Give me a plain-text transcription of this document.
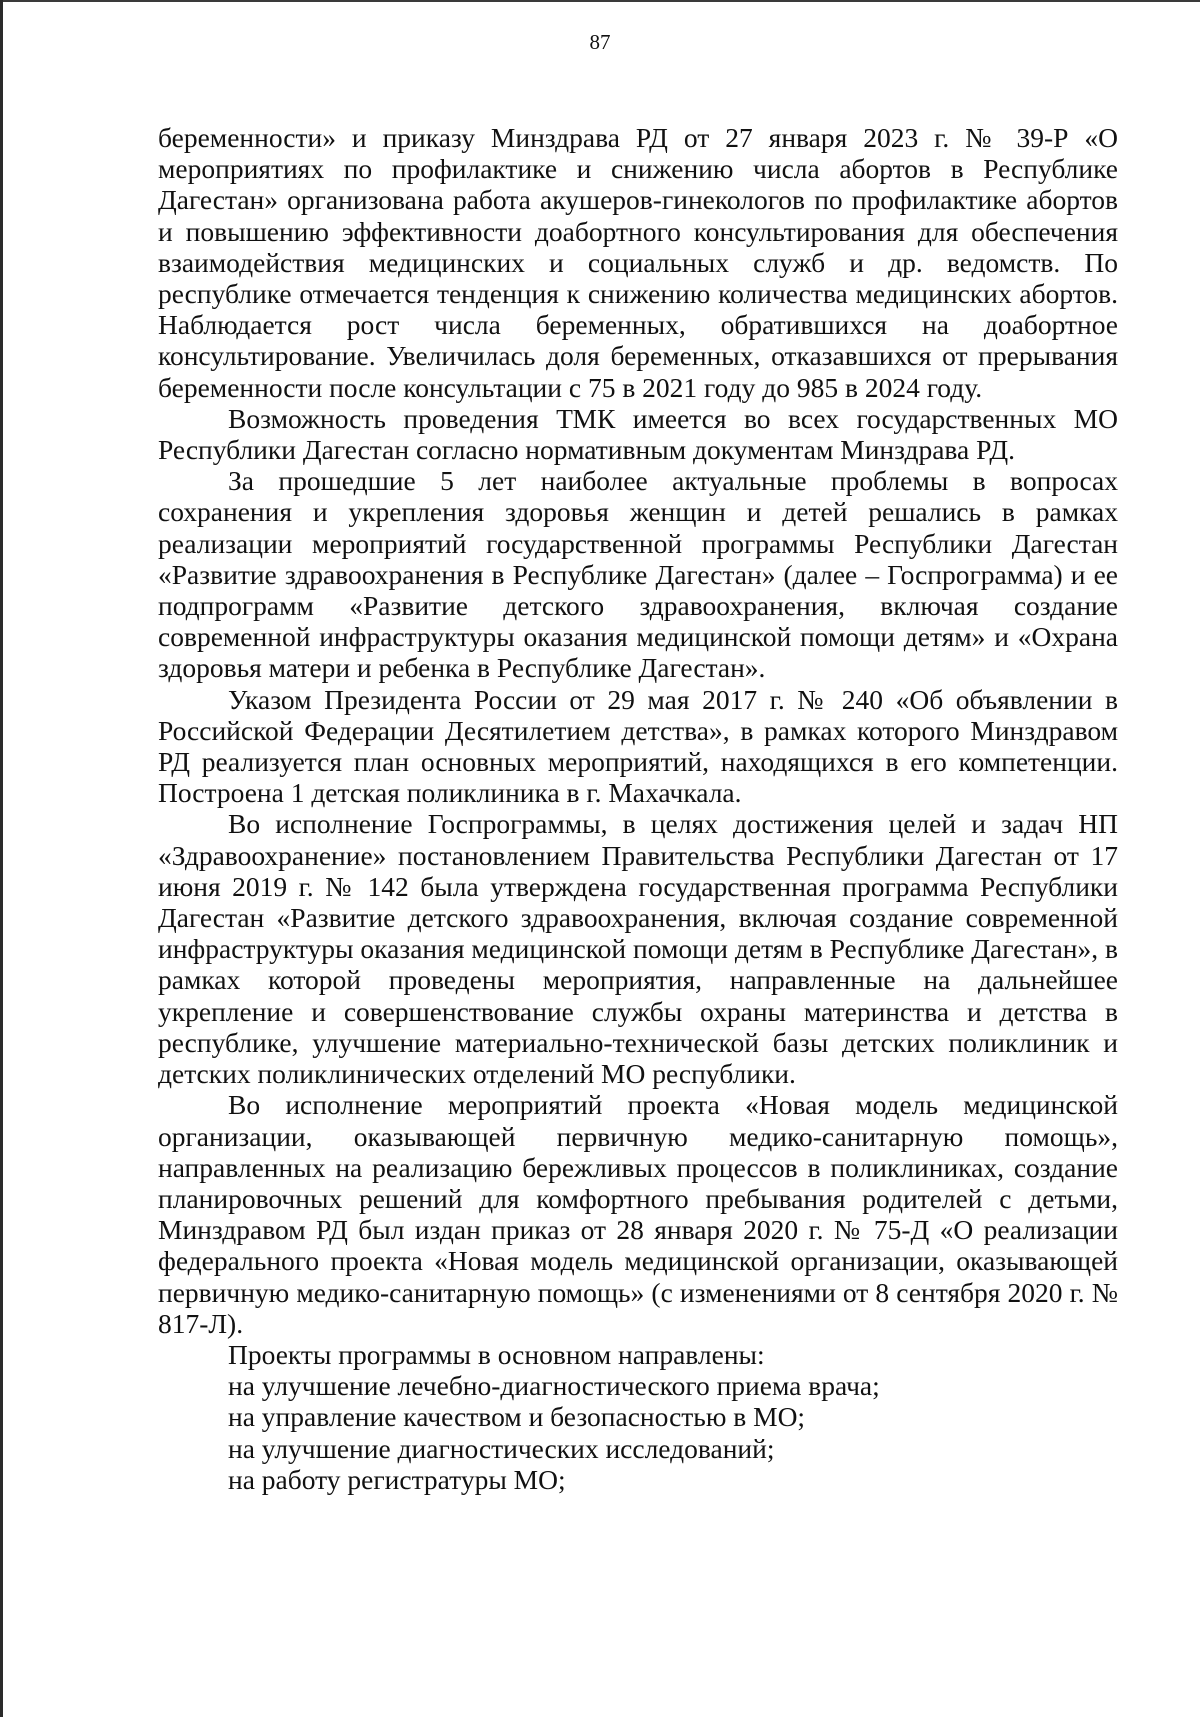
87

беременности» и приказу Минздрава РД от 27 января 2023 г. № 39-Р «О мероприятиях по профилактике и снижению числа абортов в Республике Дагестан» организована работа акушеров-гинекологов по профилактике абортов и повышению эффективности доабортного консультирования для обеспечения взаимодействия медицинских и социальных служб и др. ведомств. По республике отмечается тенденция к снижению количества медицинских абортов. Наблюдается рост числа беременных, обратившихся на доабортное консультирование. Увеличилась доля беременных, отказавшихся от прерывания беременности после консультации с 75 в 2021 году до 985 в 2024 году.

Возможность проведения ТМК имеется во всех государственных МО Республики Дагестан согласно нормативным документам Минздрава РД.

За прошедшие 5 лет наиболее актуальные проблемы в вопросах сохранения и укрепления здоровья женщин и детей решались в рамках реализации мероприятий государственной программы Республики Дагестан «Развитие здравоохранения в Республике Дагестан» (далее – Госпрограмма) и ее подпрограмм «Развитие детского здравоохранения, включая создание современной инфраструктуры оказания медицинской помощи детям» и «Охрана здоровья матери и ребенка в Республике Дагестан».

Указом Президента России от 29 мая 2017 г. № 240 «Об объявлении в Российской Федерации Десятилетием детства», в рамках которого Минздравом РД реализуется план основных мероприятий, находящихся в его компетенции. Построена 1 детская поликлиника в г. Махачкала.

Во исполнение Госпрограммы, в целях достижения целей и задач НП «Здравоохранение» постановлением Правительства Республики Дагестан от 17 июня 2019 г. № 142 была утверждена государственная программа Республики Дагестан «Развитие детского здравоохранения, включая создание современной инфраструктуры оказания медицинской помощи детям в Республике Дагестан», в рамках которой проведены мероприятия, направленные на дальнейшее укрепление и совершенствование службы охраны материнства и детства в республике, улучшение материально-технической базы детских поликлиник и детских поликлинических отделений МО республики.

Во исполнение мероприятий проекта «Новая модель медицинской организации, оказывающей первичную медико-санитарную помощь», направленных на реализацию бережливых процессов в поликлиниках, создание планировочных решений для комфортного пребывания родителей с детьми, Минздравом РД был издан приказ от 28 января 2020 г. № 75-Д «О реализации федерального проекта «Новая модель медицинской организации, оказывающей первичную медико-санитарную помощь» (с изменениями от 8 сентября 2020 г. № 817-Л).

Проекты программы в основном направлены:

на улучшение лечебно-диагностического приема врача;

на управление качеством и безопасностью в МО;

на улучшение диагностических исследований;

на работу регистратуры МО;
